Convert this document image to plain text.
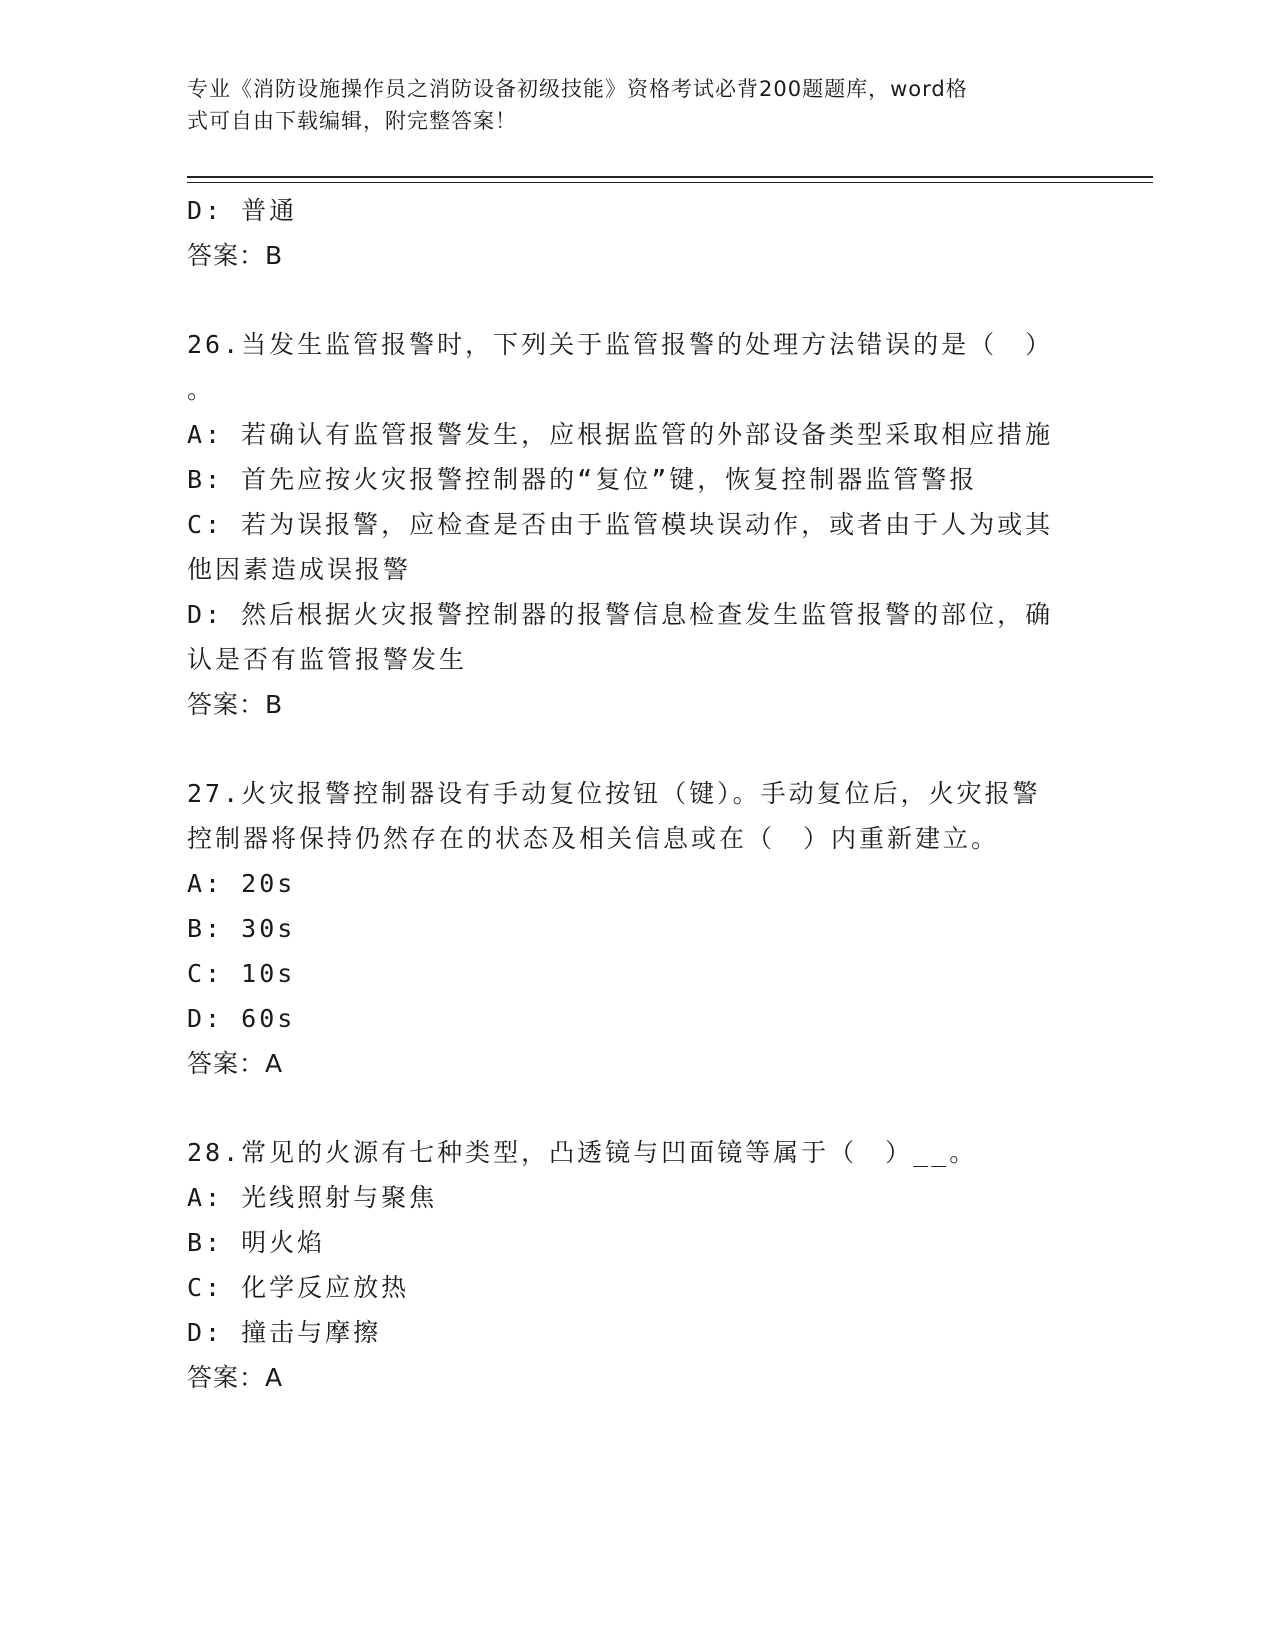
专业《消防设施操作员之消防设备初级技能》资格考试必背200题题库，word格
式可自由下载编辑，附完整答案！
D: 普通
答案：B
26.当发生监管报警时，下列关于监管报警的处理方法错误的是（　）
。
A: 若确认有监管报警发生，应根据监管的外部设备类型采取相应措施
B: 首先应按火灾报警控制器的“复位”键，恢复控制器监管警报
C: 若为误报警，应检查是否由于监管模块误动作，或者由于人为或其
他因素造成误报警
D: 然后根据火灾报警控制器的报警信息检查发生监管报警的部位，确
认是否有监管报警发生
答案：B
27.火灾报警控制器设有手动复位按钮（键）。手动复位后，火灾报警
控制器将保持仍然存在的状态及相关信息或在（　）内重新建立。
A: 20s
B: 30s
C: 10s
D: 60s
答案：A
28.常见的火源有七种类型，凸透镜与凹面镜等属于（　）__。
A: 光线照射与聚焦
B: 明火焰
C: 化学反应放热
D: 撞击与摩擦
答案：A
